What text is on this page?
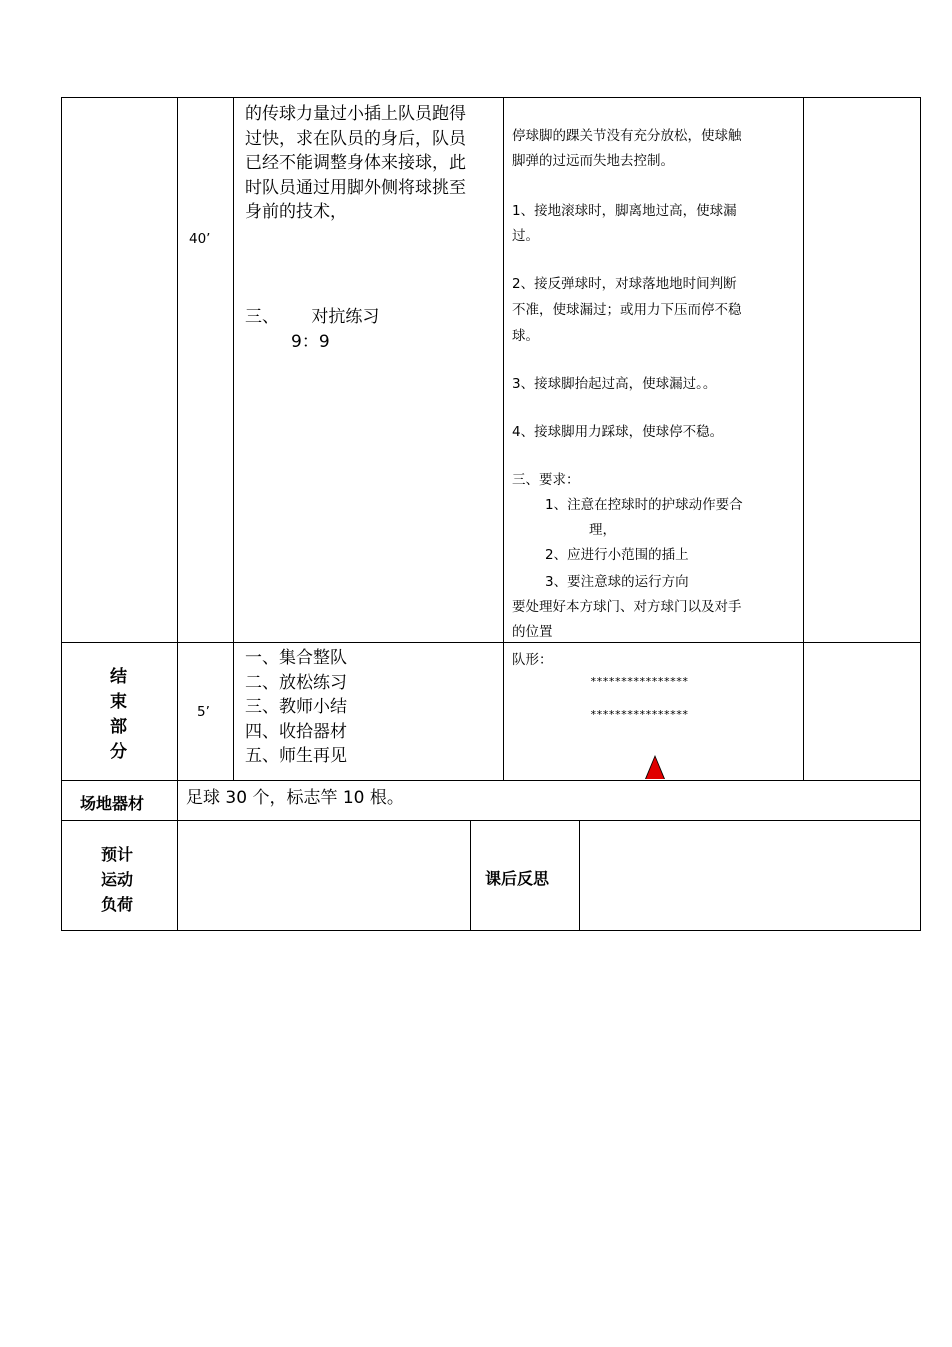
40’
的传球力量过小插上队员跑得
过快，求在队员的身后，队员
已经不能调整身体来接球，此
时队员通过用脚外侧将球挑至
身前的技术，
三、      对抗练习
9：9
停球脚的踝关节没有充分放松，使球触
脚弹的过远而失地去控制。
1、接地滚球时，脚离地过高，使球漏
过。
2、接反弹球时，对球落地地时间判断
不准，使球漏过；或用力下压而停不稳
球。
3、接球脚抬起过高，使球漏过。。
4、接球脚用力踩球，使球停不稳。
三、要求：
1、注意在控球时的护球动作要合
理，
2、应进行小范围的插上
3、要注意球的运行方向
要处理好本方球门、对方球门以及对手
的位置
结
束
部
分
5’
一、集合整队
二、放松练习
三、教师小结
四、收拾器材
五、师生再见
队形：
****************
****************
场地器材 足球 30 个，标志竿 10 根。
预计
运动
负荷
课后反思
